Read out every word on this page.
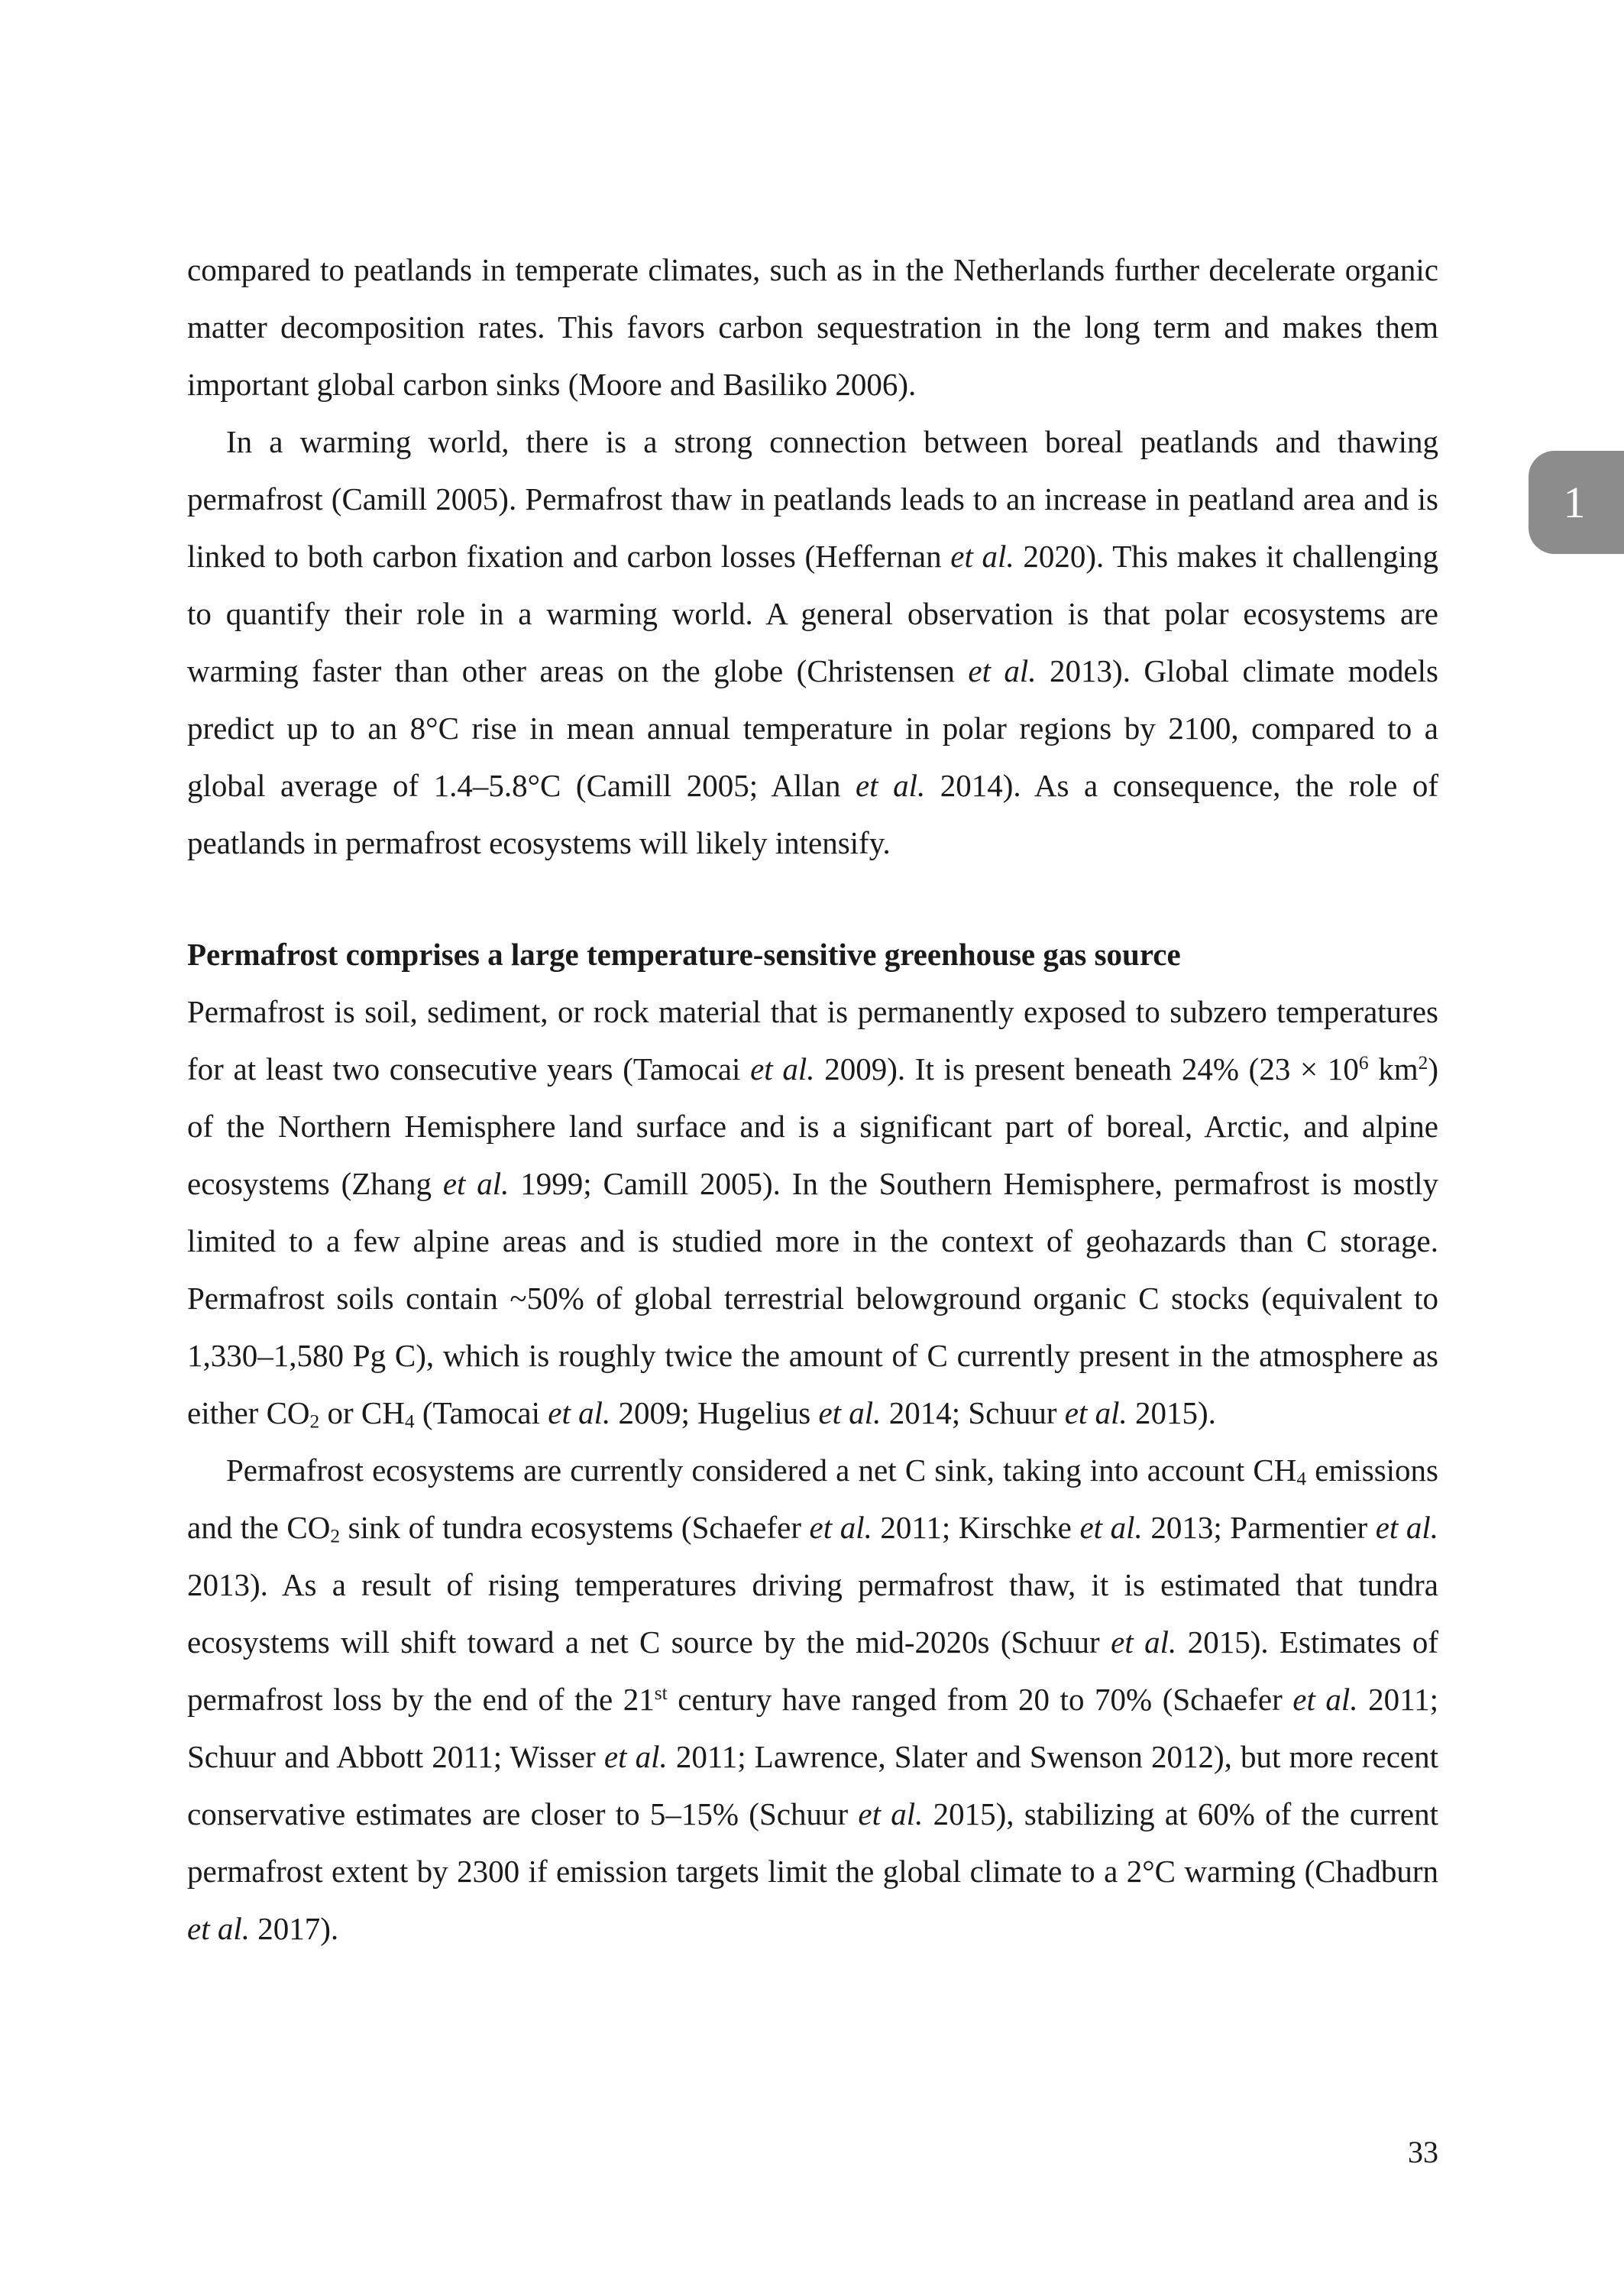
1

compared to peatlands in temperate climates, such as in the Netherlands further decelerate organic matter decomposition rates. This favors carbon sequestration in the long term and makes them important global carbon sinks (Moore and Basiliko 2006).

In a warming world, there is a strong connection between boreal peatlands and thawing permafrost (Camill 2005). Permafrost thaw in peatlands leads to an increase in peatland area and is linked to both carbon fixation and carbon losses (Heffernan et al. 2020). This makes it challenging to quantify their role in a warming world. A general observation is that polar ecosystems are warming faster than other areas on the globe (Christensen et al. 2013). Global climate models predict up to an 8°C rise in mean annual temperature in polar regions by 2100, compared to a global average of 1.4–5.8°C (Camill 2005; Allan et al. 2014). As a consequence, the role of peatlands in permafrost ecosystems will likely intensify.

Permafrost comprises a large temperature-sensitive greenhouse gas source

Permafrost is soil, sediment, or rock material that is permanently exposed to subzero temperatures for at least two consecutive years (Tamocai et al. 2009). It is present beneath 24% ($23 \times 10^6$ $km^2$) of the Northern Hemisphere land surface and is a significant part of boreal, Arctic, and alpine ecosystems (Zhang et al. 1999; Camill 2005). In the Southern Hemisphere, permafrost is mostly limited to a few alpine areas and is studied more in the context of geohazards than C storage. Permafrost soils contain ~50% of global terrestrial belowground organic C stocks (equivalent to 1,330–1,580 Pg C), which is roughly twice the amount of C currently present in the atmosphere as either $CO_2$ or $CH_4$ (Tamocai et al. 2009; Hugelius et al. 2014; Schuur et al. 2015).

Permafrost ecosystems are currently considered a net C sink, taking into account $CH_4$ emissions and the $CO_2$ sink of tundra ecosystems (Schaefer et al. 2011; Kirschke et al. 2013; Parmentier et al. 2013). As a result of rising temperatures driving permafrost thaw, it is estimated that tundra ecosystems will shift toward a net C source by the mid-2020s (Schuur et al. 2015). Estimates of permafrost loss by the end of the 21st century have ranged from 20 to 70% (Schaefer et al. 2011; Schuur and Abbott 2011; Wisser et al. 2011; Lawrence, Slater and Swenson 2012), but more recent conservative estimates are closer to 5–15% (Schuur et al. 2015), stabilizing at 60% of the current permafrost extent by 2300 if emission targets limit the global climate to a 2°C warming (Chadburn et al. 2017).

33
